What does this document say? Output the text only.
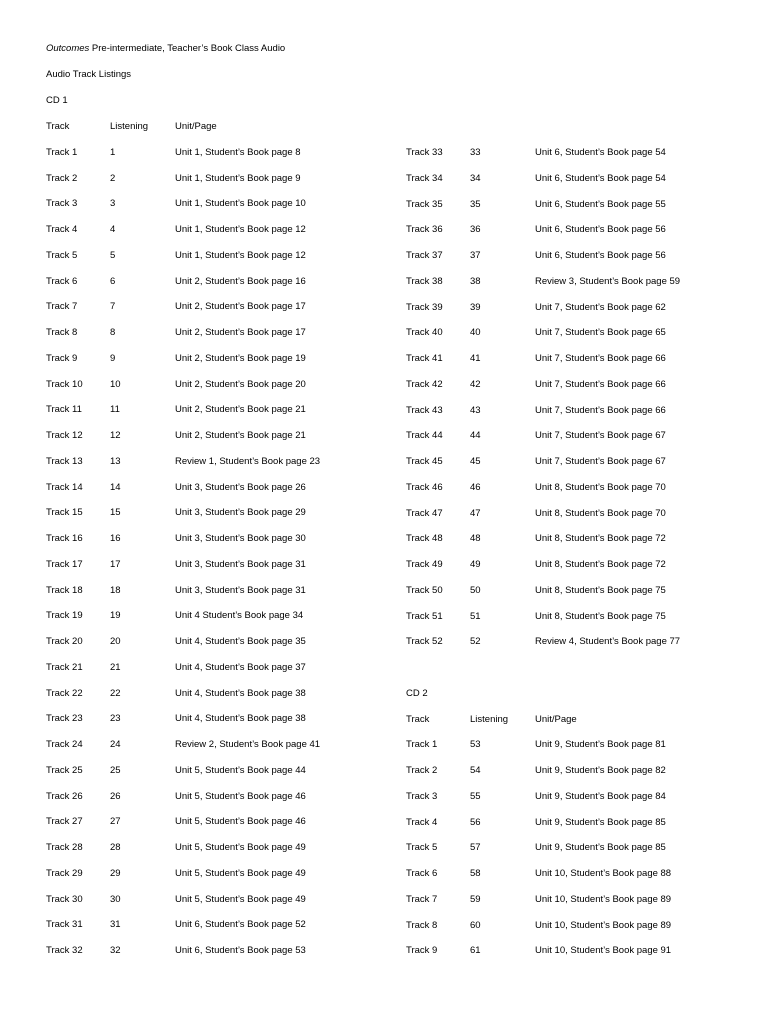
Outcomes Pre-intermediate, Teacher’s Book Class Audio
Audio Track Listings
CD 1
Track	Listening	Unit/Page
Track 1	1	Unit 1, Student’s Book page 8
Track 2	2	Unit 1, Student’s Book page 9
Track 3	3	Unit 1, Student’s Book page 10
Track 4	4	Unit 1, Student’s Book page 12
Track 5	5	Unit 1, Student’s Book page 12
Track 6	6	Unit 2, Student’s Book page 16
Track 7	7	Unit 2, Student’s Book page 17
Track 8	8	Unit 2, Student’s Book page 17
Track 9	9	Unit 2, Student’s Book page 19
Track 10	10	Unit 2, Student’s Book page 20
Track 11	11	Unit 2, Student’s Book page 21
Track 12	12	Unit 2, Student’s Book page 21
Track 13	13	Review 1, Student’s Book page 23
Track 14	14	Unit 3, Student’s Book page 26
Track 15	15	Unit 3, Student’s Book page 29
Track 16	16	Unit 3, Student’s Book page 30
Track 17	17	Unit 3, Student’s Book page 31
Track 18	18	Unit 3, Student’s Book page 31
Track 19	19	Unit 4 Student’s Book page 34
Track 20	20	Unit 4, Student’s Book page 35
Track 21	21	Unit 4, Student’s Book page 37
Track 22	22	Unit 4, Student’s Book page 38
Track 23	23	Unit 4, Student’s Book page 38
Track 24	24	Review 2, Student’s Book page 41
Track 25	25	Unit 5, Student’s Book page 44
Track 26	26	Unit 5, Student’s Book page 46
Track 27	27	Unit 5, Student’s Book page 46
Track 28	28	Unit 5, Student’s Book page 49
Track 29	29	Unit 5, Student’s Book page 49
Track 30	30	Unit 5, Student’s Book page 49
Track 31	31	Unit 6, Student’s Book page 52
Track 32	32	Unit 6, Student’s Book page 53
Track 33	33	Unit 6, Student’s Book page 54
Track 34	34	Unit 6, Student’s Book page 54
Track 35	35	Unit 6, Student’s Book page 55
Track 36	36	Unit 6, Student’s Book page 56
Track 37	37	Unit 6, Student’s Book page 56
Track 38	38	Review 3, Student’s Book page 59
Track 39	39	Unit 7, Student’s Book page 62
Track 40	40	Unit 7, Student’s Book page 65
Track 41	41	Unit 7, Student’s Book page 66
Track 42	42	Unit 7, Student’s Book page 66
Track 43	43	Unit 7, Student’s Book page 66
Track 44	44	Unit 7, Student’s Book page 67
Track 45	45	Unit 7, Student’s Book page 67
Track 46	46	Unit 8, Student’s Book page 70
Track 47	47	Unit 8, Student’s Book page 70
Track 48	48	Unit 8, Student’s Book page 72
Track 49	49	Unit 8, Student’s Book page 72
Track 50	50	Unit 8, Student’s Book page 75
Track 51	51	Unit 8, Student’s Book page 75
Track 52	52	Review 4, Student’s Book page 77
CD 2
Track	Listening	Unit/Page
Track 1	53	Unit 9, Student’s Book page 81
Track 2	54	Unit 9, Student’s Book page 82
Track 3	55	Unit 9, Student’s Book page 84
Track 4	56	Unit 9, Student’s Book page 85
Track 5	57	Unit 9, Student’s Book page 85
Track 6	58	Unit 10, Student’s Book page 88
Track 7	59	Unit 10, Student’s Book page 89
Track 8	60	Unit 10, Student’s Book page 89
Track 9	61	Unit 10, Student’s Book page 91
